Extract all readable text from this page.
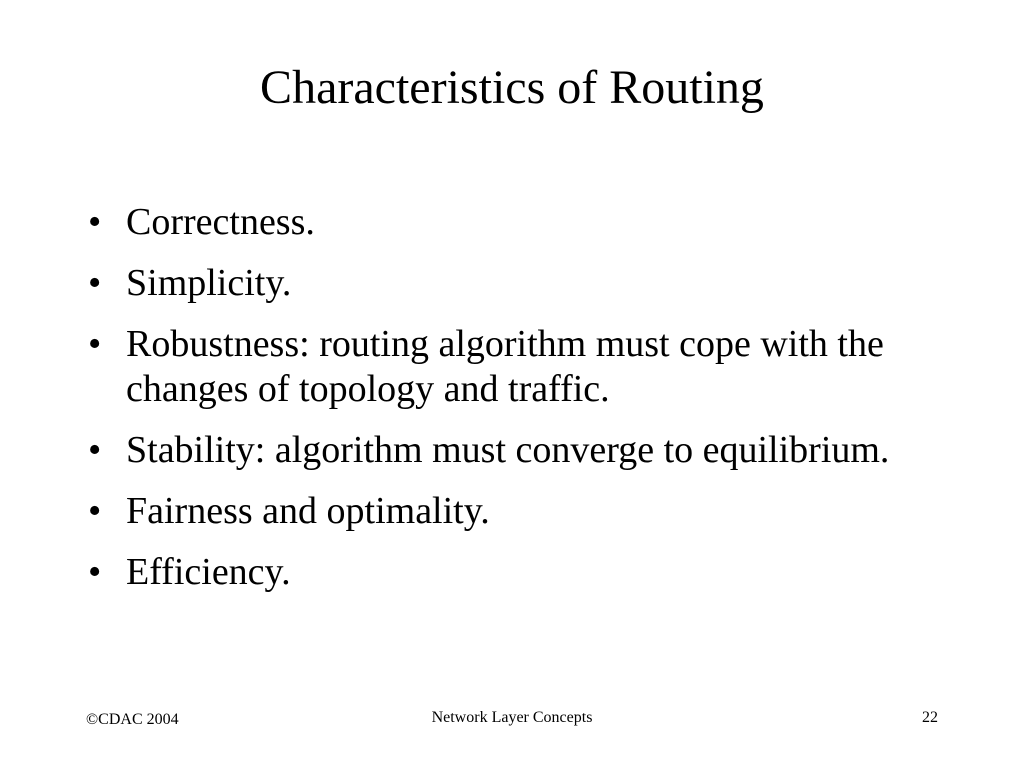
Characteristics of Routing
• Correctness.
• Simplicity.
• Robustness: routing algorithm must cope with the changes of topology and traffic.
• Stability: algorithm must converge to equilibrium.
• Fairness and optimality.
• Efficiency.
©CDAC 2004	Network Layer Concepts	22
